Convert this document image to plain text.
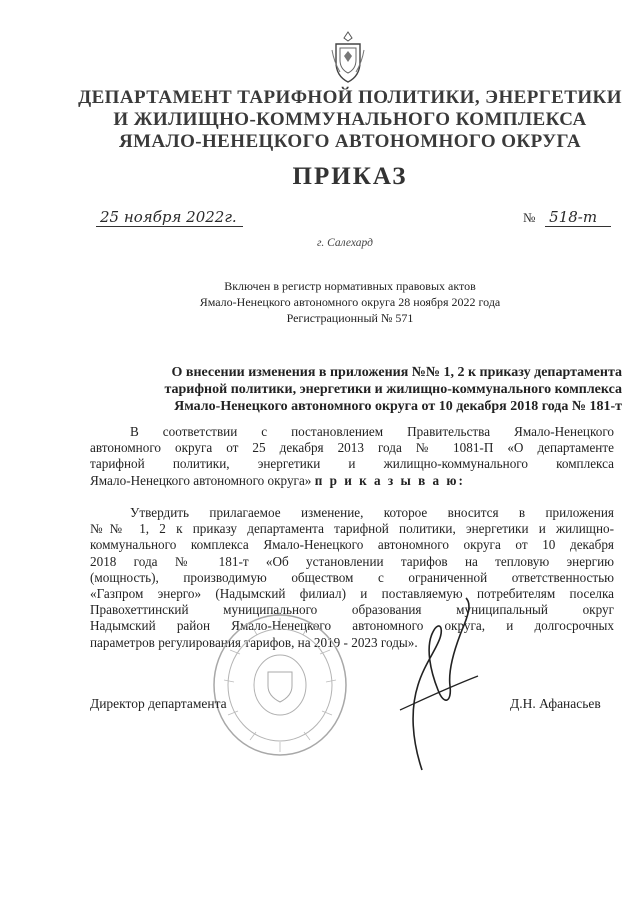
ДЕПАРТАМЕНТ ТАРИФНОЙ ПОЛИТИКИ, ЭНЕРГЕТИКИ
И ЖИЛИЩНО-КОММУНАЛЬНОГО КОМПЛЕКСА
ЯМАЛО-НЕНЕЦКОГО АВТОНОМНОГО ОКРУГА
ПРИКАЗ
25 ноября 2022г.	№ 518-т
г. Салехард
Включен в регистр нормативных правовых актов
Ямало-Ненецкого автономного округа 28 ноября 2022 года
Регистрационный № 571
О внесении изменения в приложения №№ 1, 2 к приказу департамента
тарифной политики, энергетики и жилищно-коммунального комплекса
Ямало-Ненецкого автономного округа от 10 декабря 2018 года № 181-т
В соответствии с постановлением Правительства Ямало-Ненецкого
автономного округа от 25 декабря 2013 года № 1081-П «О департаменте
тарифной политики, энергетики и жилищно-коммунального комплекса
Ямало-Ненецкого автономного округа» п р и к а з ы в а ю:
Утвердить прилагаемое изменение, которое вносится в приложения
№№ 1, 2 к приказу департамента тарифной политики, энергетики и жилищно-
коммунального комплекса Ямало-Ненецкого автономного округа от 10 декабря
2018 года № 181-т «Об установлении тарифов на тепловую энергию
(мощность), производимую обществом с ограниченной ответственностью
«Газпром энерго» (Надымский филиал) и поставляемую потребителям поселка
Правохеттинский муниципального образования муниципальный округ
Надымский район Ямало-Ненецкого автономного округа, и долгосрочных
параметров регулирования тарифов, на 2019 - 2023 годы».
Директор департамента	Д.Н. Афанасьев
